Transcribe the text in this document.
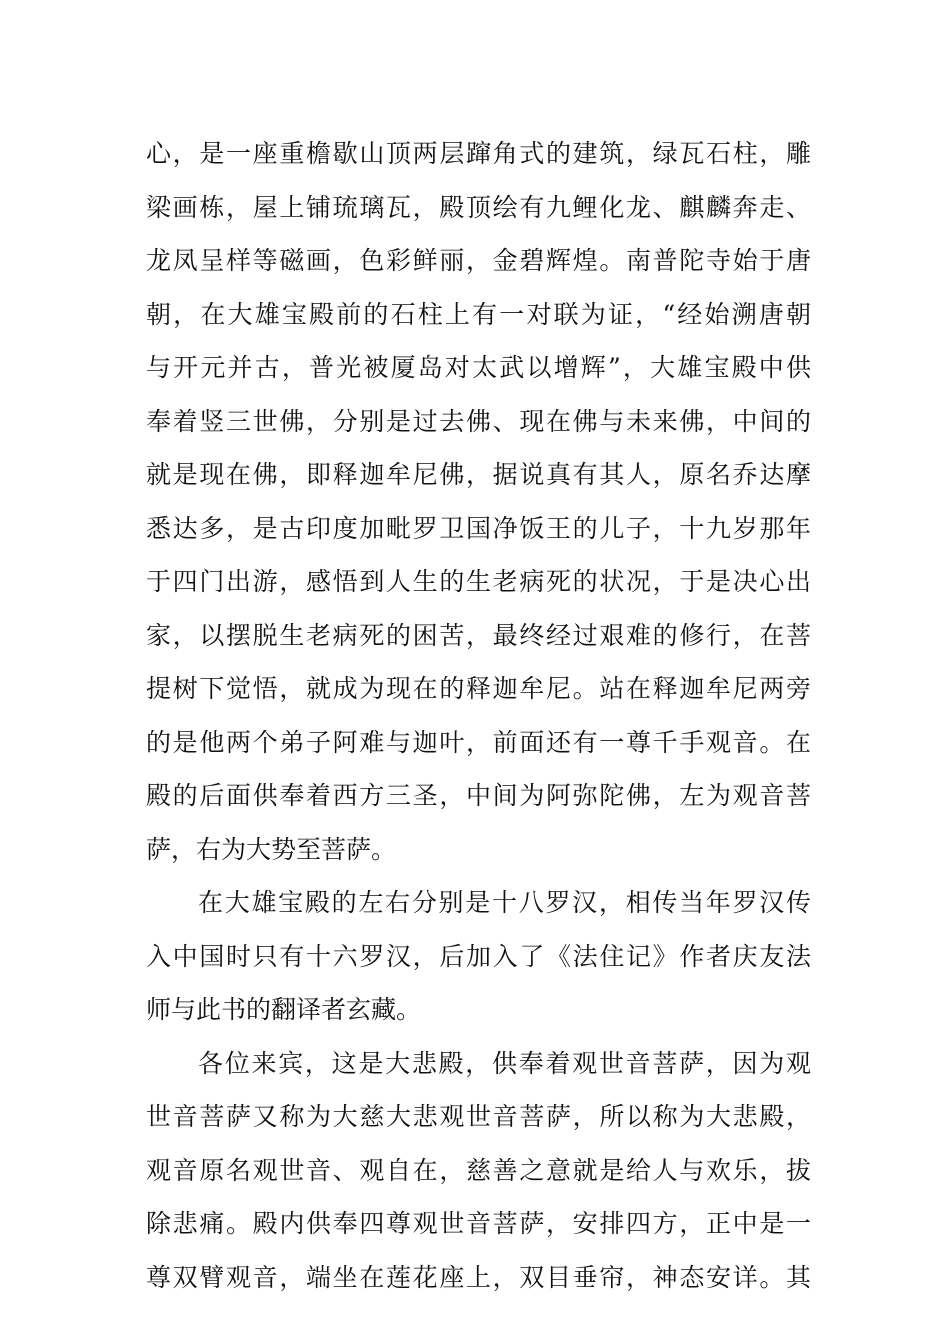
心，是一座重檐歇山顶两层蹿角式的建筑，绿瓦石柱，雕
梁画栋，屋上铺琉璃瓦，殿顶绘有九鲤化龙、麒麟奔走、
龙凤呈样等磁画，色彩鲜丽，金碧辉煌。南普陀寺始于唐
朝，在大雄宝殿前的石柱上有一对联为证，“经始溯唐朝
与开元并古，普光被厦岛对太武以增辉”，大雄宝殿中供
奉着竖三世佛，分别是过去佛、现在佛与未来佛，中间的
就是现在佛，即释迦牟尼佛，据说真有其人，原名乔达摩
悉达多，是古印度加毗罗卫国净饭王的儿子，十九岁那年
于四门出游，感悟到人生的生老病死的状况，于是决心出
家，以摆脱生老病死的困苦，最终经过艰难的修行，在菩
提树下觉悟，就成为现在的释迦牟尼。站在释迦牟尼两旁
的是他两个弟子阿难与迦叶，前面还有一尊千手观音。在
殿的后面供奉着西方三圣，中间为阿弥陀佛，左为观音菩
萨，右为大势至菩萨。
在大雄宝殿的左右分别是十八罗汉，相传当年罗汉传
入中国时只有十六罗汉，后加入了《法住记》作者庆友法
师与此书的翻译者玄藏。
各位来宾，这是大悲殿，供奉着观世音菩萨，因为观
世音菩萨又称为大慈大悲观世音菩萨，所以称为大悲殿，
观音原名观世音、观自在，慈善之意就是给人与欢乐，拔
除悲痛。殿内供奉四尊观世音菩萨，安排四方，正中是一
尊双臂观音，端坐在莲花座上，双目垂帘，神态安详。其
